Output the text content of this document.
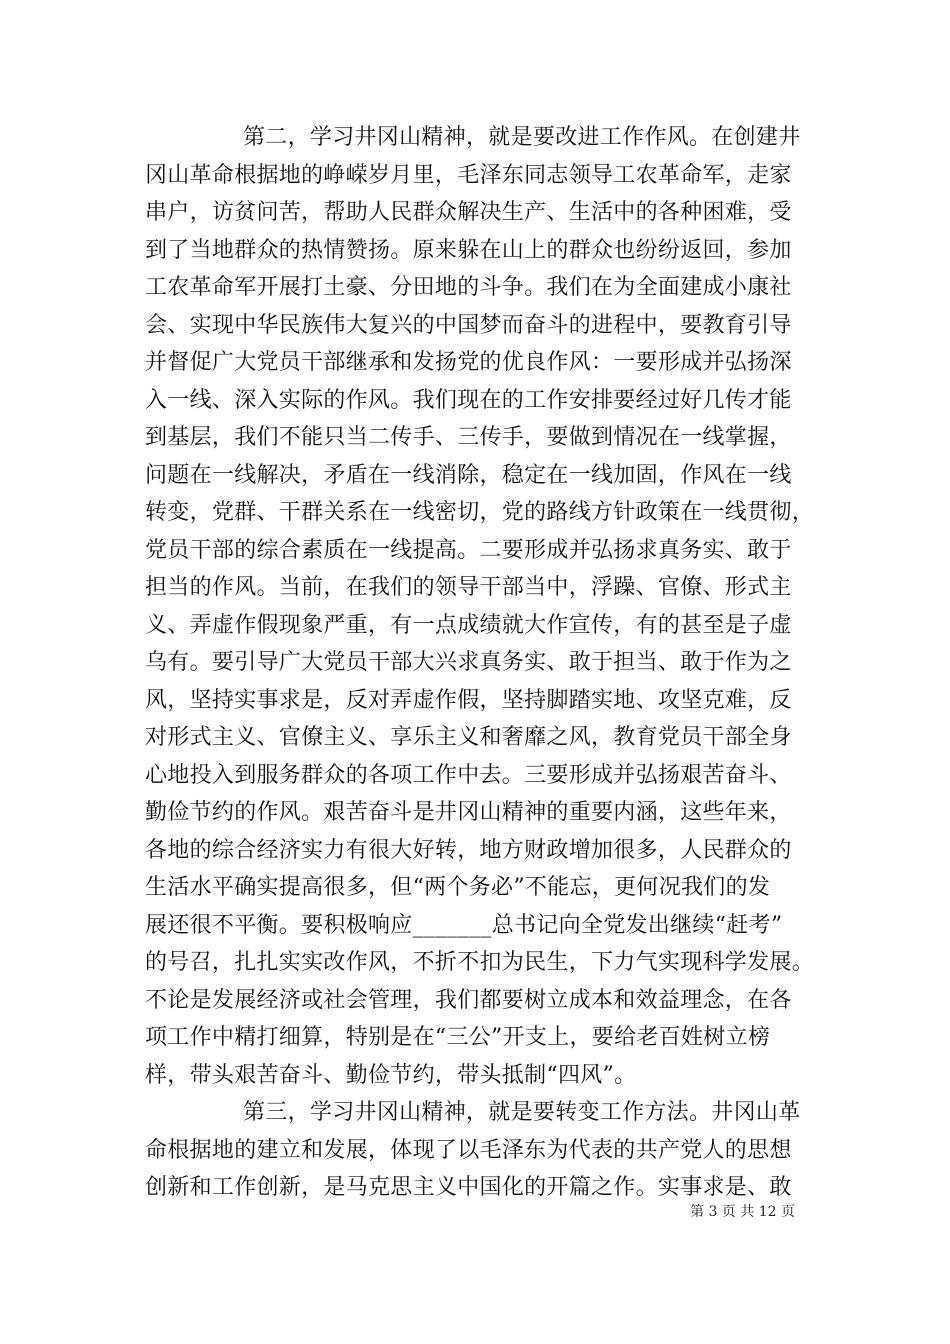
第二，学习井冈山精神，就是要改进工作作风。在创建井
冈山革命根据地的峥嵘岁月里，毛泽东同志领导工农革命军，走家
串户，访贫问苦，帮助人民群众解决生产、生活中的各种困难，受
到了当地群众的热情赞扬。原来躲在山上的群众也纷纷返回，参加
工农革命军开展打土豪、分田地的斗争。我们在为全面建成小康社
会、实现中华民族伟大复兴的中国梦而奋斗的进程中，要教育引导
并督促广大党员干部继承和发扬党的优良作风：一要形成并弘扬深
入一线、深入实际的作风。我们现在的工作安排要经过好几传才能
到基层，我们不能只当二传手、三传手，要做到情况在一线掌握，
问题在一线解决，矛盾在一线消除，稳定在一线加固，作风在一线
转变，党群、干群关系在一线密切，党的路线方针政策在一线贯彻，
党员干部的综合素质在一线提高。二要形成并弘扬求真务实、敢于
担当的作风。当前，在我们的领导干部当中，浮躁、官僚、形式主
义、弄虚作假现象严重，有一点成绩就大作宣传，有的甚至是子虚
乌有。要引导广大党员干部大兴求真务实、敢于担当、敢于作为之
风，坚持实事求是，反对弄虚作假，坚持脚踏实地、攻坚克难，反
对形式主义、官僚主义、享乐主义和奢靡之风，教育党员干部全身
心地投入到服务群众的各项工作中去。三要形成并弘扬艰苦奋斗、
勤俭节约的作风。艰苦奋斗是井冈山精神的重要内涵，这些年来，
各地的综合经济实力有很大好转，地方财政增加很多，人民群众的
生活水平确实提高很多，但“两个务必”不能忘，更何况我们的发
展还很不平衡。要积极响应_______总书记向全党发出继续“赶考”
的号召，扎扎实实改作风，不折不扣为民生，下力气实现科学发展。
不论是发展经济或社会管理，我们都要树立成本和效益理念，在各
项工作中精打细算，特别是在“三公”开支上，要给老百姓树立榜
样，带头艰苦奋斗、勤俭节约，带头抵制“四风”。
第三，学习井冈山精神，就是要转变工作方法。井冈山革
命根据地的建立和发展，体现了以毛泽东为代表的共产党人的思想
创新和工作创新，是马克思主义中国化的开篇之作。实事求是、敢
第 3 页 共 12 页
